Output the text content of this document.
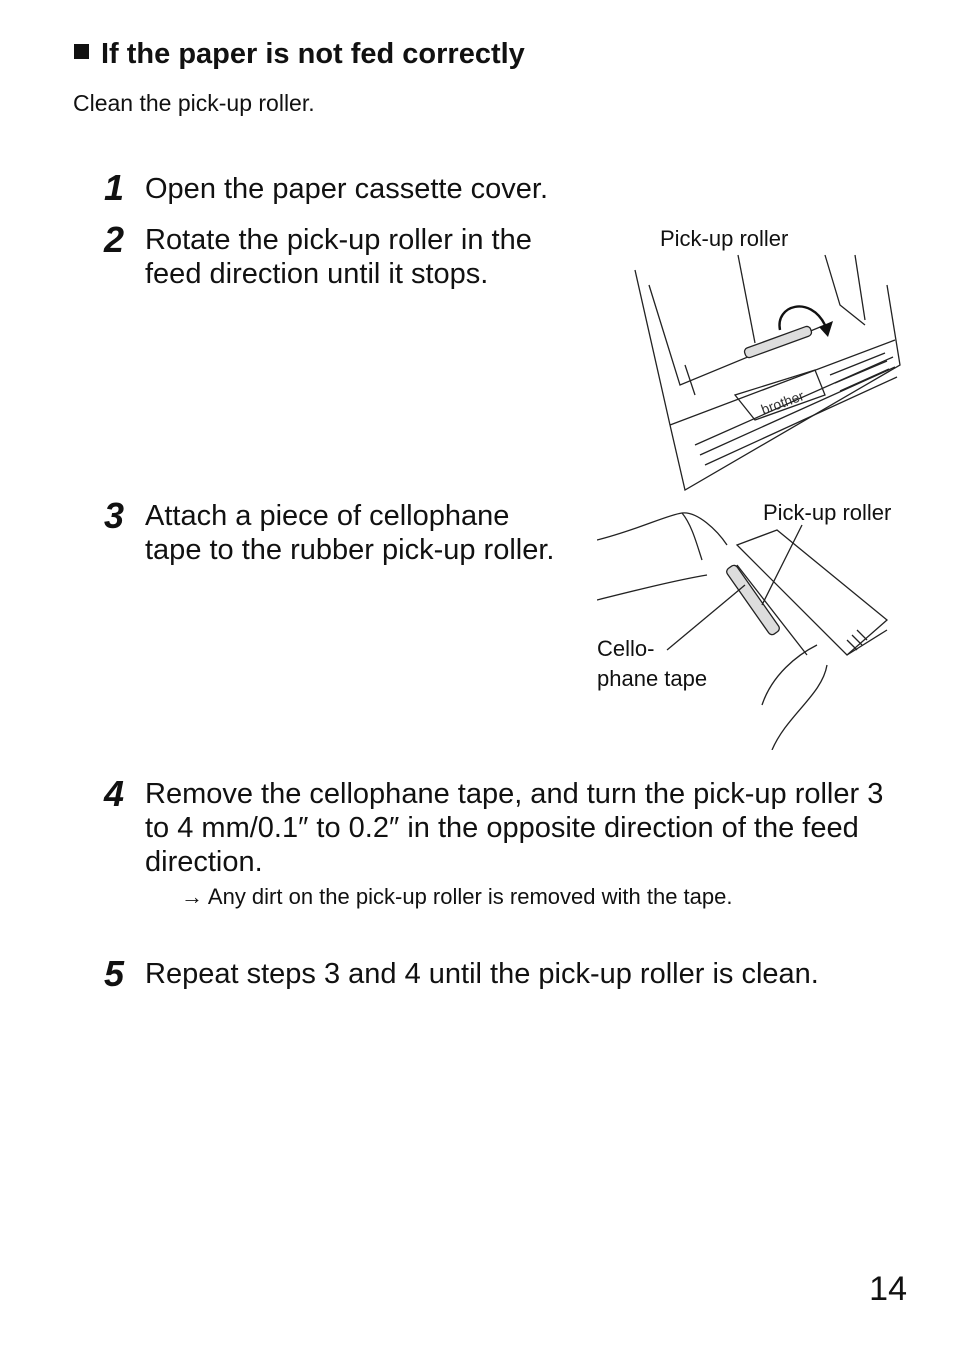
If the paper is not fed correctly
Clean the pick-up roller.
1 Open the paper cassette cover.
2 Rotate the pick-up roller in the feed direction until it stops.
3 Attach a piece of cellophane tape to the rubber pick-up roller.
4 Remove the cellophane tape, and turn the pick-up roller 3 to 4 mm/0.1″ to 0.2″ in the opposite direction of the feed direction.
→ Any dirt on the pick-up roller is removed with the tape.
5 Repeat steps 3 and 4 until the pick-up roller is clean.
Pick-up roller
brother
Pick-up roller
Cello-
phane tape
14
